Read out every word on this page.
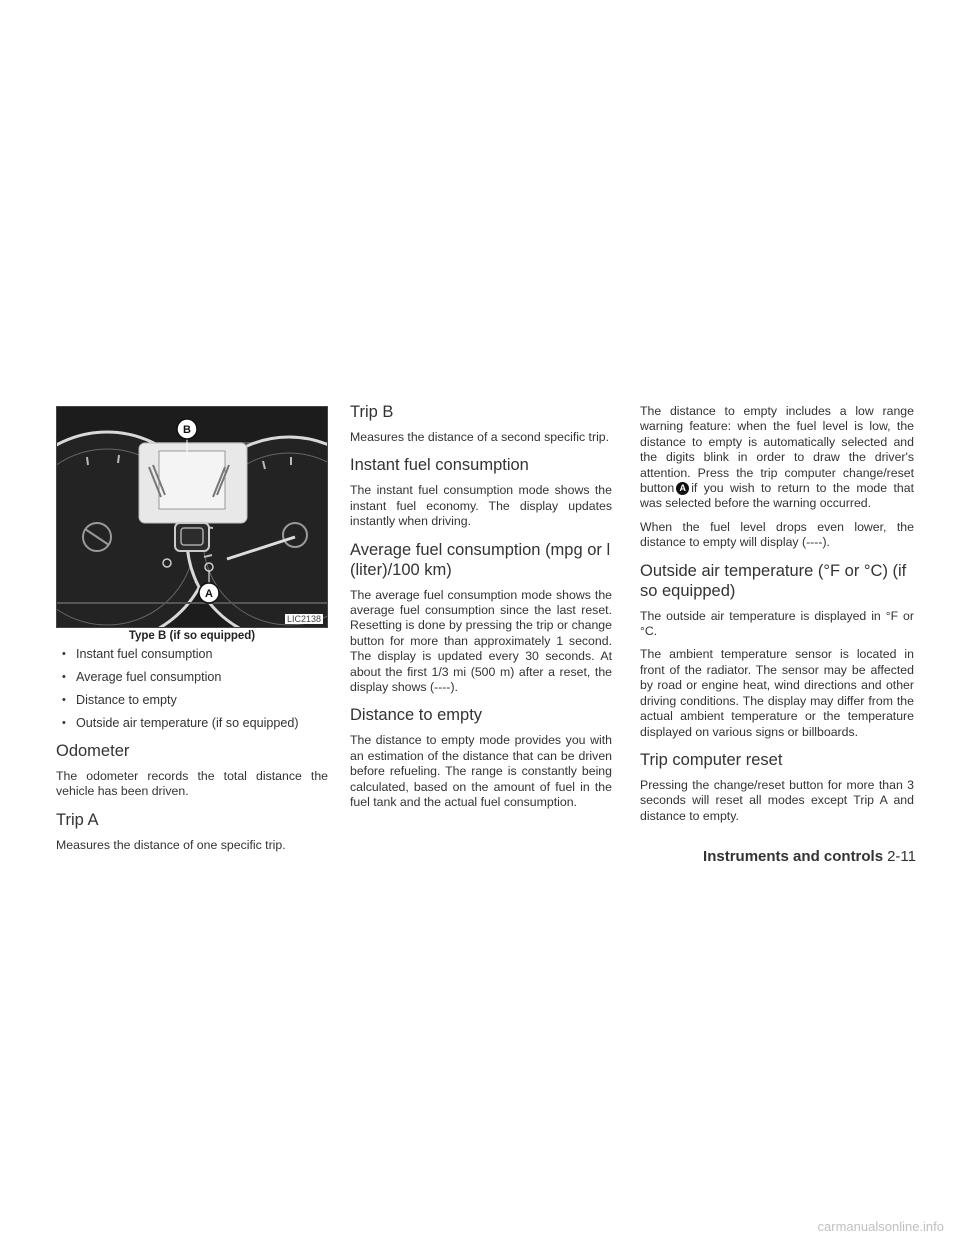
B
A
LIC2138
Type B (if so equipped)
• Instant fuel consumption
• Average fuel consumption
• Distance to empty
• Outside air temperature (if so equipped)
Odometer

The odometer records the total distance the vehicle has been driven.

Trip A

Measures the distance of one specific trip.

Trip B

Measures the distance of a second specific trip.

Instant fuel consumption

The instant fuel consumption mode shows the instant fuel economy. The display updates instantly when driving.

Average fuel consumption (mpg or l (liter)/100 km)

The average fuel consumption mode shows the average fuel consumption since the last reset. Resetting is done by pressing the trip or change button for more than approximately 1 second. The display is updated every 30 seconds. At about the first 1/3 mi (500 m) after a reset, the display shows (----).

Distance to empty

The distance to empty mode provides you with an estimation of the distance that can be driven before refueling. The range is constantly being calculated, based on the amount of fuel in the fuel tank and the actual fuel consumption.

The distance to empty includes a low range warning feature: when the fuel level is low, the distance to empty is automatically selected and the digits blink in order to draw the driver's attention. Press the trip computer change/reset button A if you wish to return to the mode that was selected before the warning occurred.

When the fuel level drops even lower, the distance to empty will display (----).

Outside air temperature (°F or °C) (if so equipped)

The outside air temperature is displayed in °F or °C.

The ambient temperature sensor is located in front of the radiator. The sensor may be affected by road or engine heat, wind directions and other driving conditions. The display may differ from the actual ambient temperature or the temperature displayed on various signs or billboards.

Trip computer reset

Pressing the change/reset button for more than 3 seconds will reset all modes except Trip A and distance to empty.

Instruments and controls 2-11
carmanualsonline.info
